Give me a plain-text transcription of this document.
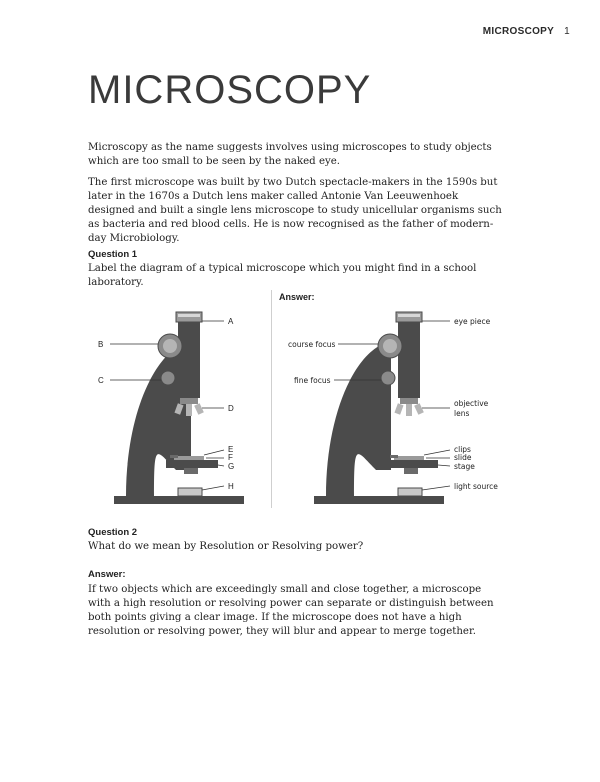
MICROSCOPY 1
MICROSCOPY

Microscopy as the name suggests involves using microscopes to study objects which are too small to be seen by the naked eye.

The first microscope was built by two Dutch spectacle-makers in the 1590s but later in the 1670s a Dutch lens maker called Antonie Van Leeuwenhoek designed and built a single lens microscope to study unicellular organisms such as bacteria and red blood cells. He is now recognised as the father of modern-day Microbiology.

Question 1

Label the diagram of a typical microscope which you might find in a school laboratory.

Answer:
A
B
C
D
E
F
G
H
eye piece
course focus
fine focus
objective
lens
clips
slide
stage
light source
Question 2

What do we mean by Resolution or Resolving power?

Answer:

If two objects which are exceedingly small and close together, a microscope with a high resolution or resolving power can separate or distinguish between both points giving a clear image. If the microscope does not have a high resolution or resolving power, they will blur and appear to merge together.
